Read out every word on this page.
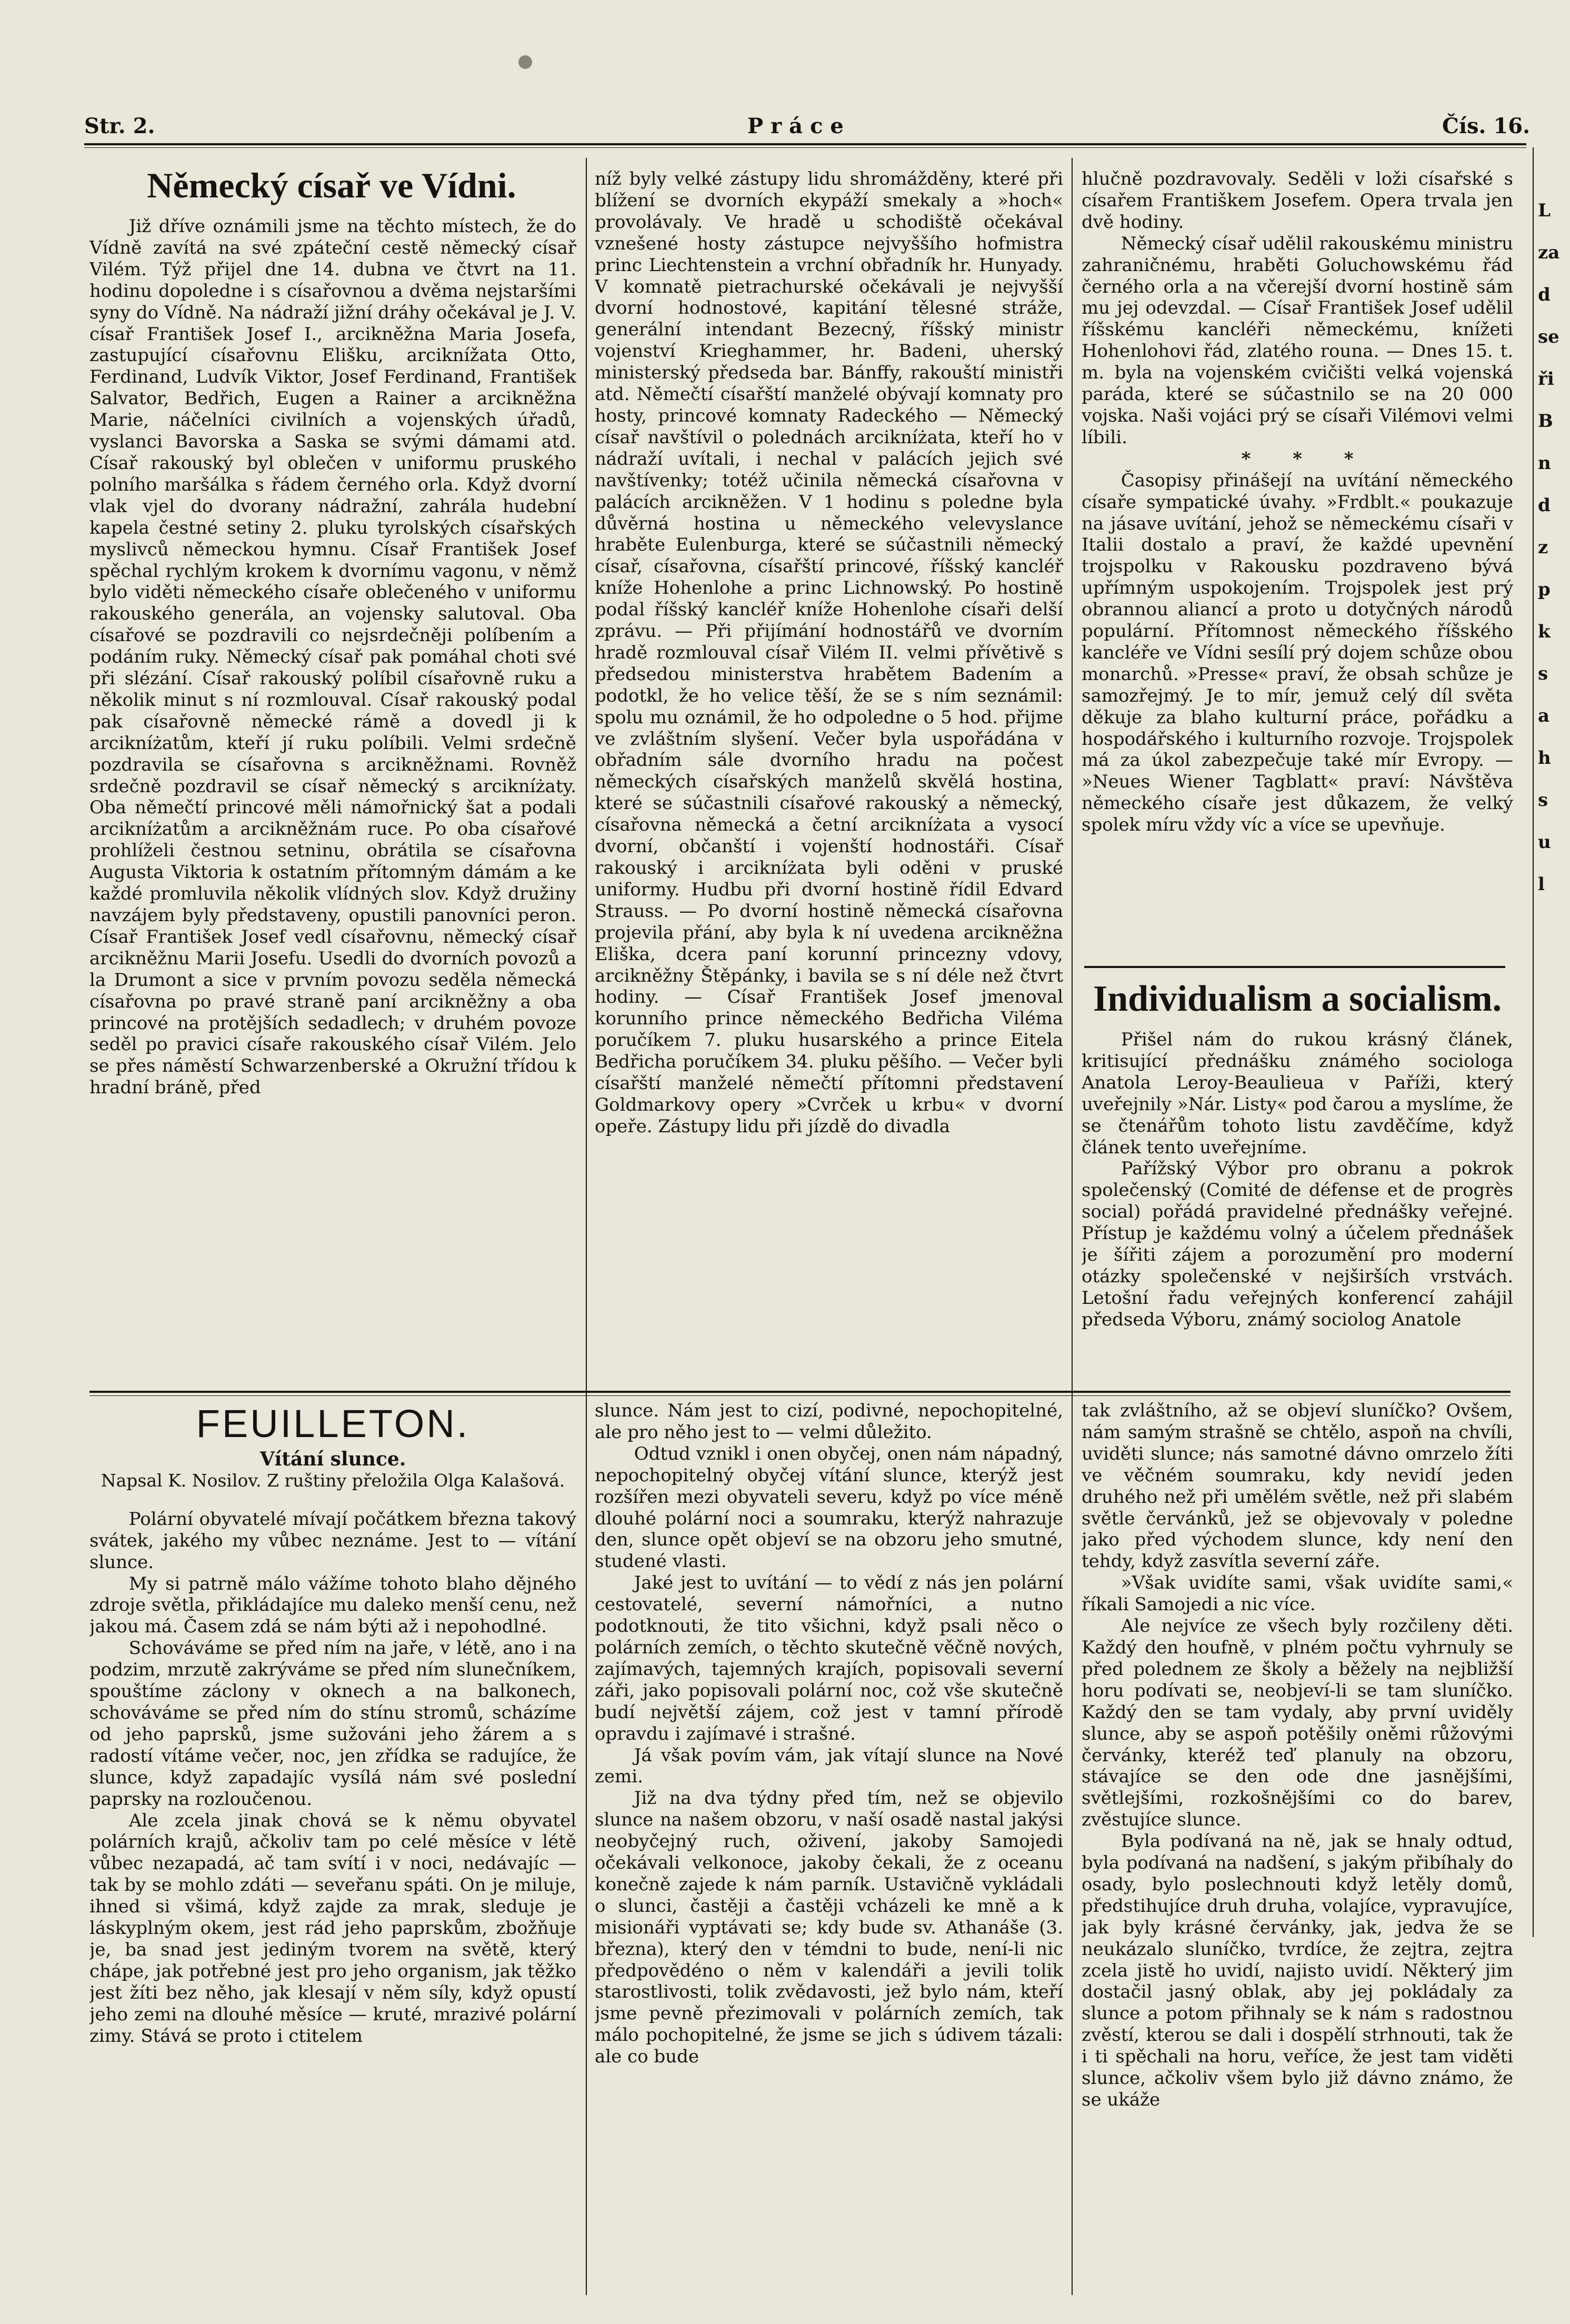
Str. 2.	Práce	Čís. 16.
Německý císař ve Vídni.

Již dříve oznámili jsme na těchto místech, že do Vídně zavítá na své zpáteční cestě německý císař Vilém. Týž přijel dne 14. dubna ve čtvrt na 11. hodinu dopoledne i s císařovnou a dvěma nejstaršími syny do Vídně. Na nádraží jižní dráhy očekával je J. V. císař František Josef I., arcikněžna Maria Josefa, zastupující císařovnu Elišku, arciknížata Otto, Ferdinand, Ludvík Viktor, Josef Ferdinand, František Salvator, Bedřich, Eugen a Rainer a arcikněžna Marie, náčelníci civilních a vojenských úřadů, vyslanci Bavorska a Saska se svými dámami atd. Císař rakouský byl oblečen v uniformu pruského polního maršálka s řádem černého orla. Když dvorní vlak vjel do dvorany nádražní, zahrála hudební kapela čestné setiny 2. pluku tyrolských císařských myslivců německou hymnu. Císař František Josef spěchal rychlým krokem k dvornímu vagonu, v němž bylo viděti německého císaře oblečeného v uniformu rakouského generála, an vojensky salutoval. Oba císařové se pozdravili co nejsrdečněji políbením a podáním ruky. Německý císař pak pomáhal choti své při slézání. Císař rakouský políbil císařovně ruku a několik minut s ní rozmlouval. Císař rakouský podal pak císařovně německé rámě a dovedl ji k arcikníżatům, kteří jí ruku políbili. Velmi srdečně pozdravila se císařovna s arcikněžnami. Rovněž srdečně pozdravil se císař německý s arcikníżaty. Oba němečtí princové měli námořnický šat a podali arcikníżatům a arcikněžnám ruce. Po oba císařové prohlíželi čestnou setninu, obrátila se císařovna Augusta Viktoria k ostatním přítomným dámám a ke každé promluvila několik vlídných slov. Když družiny navzájem byly představeny, opustili panovníci peron. Císař František Josef vedl císařovnu, německý císař arcikněžnu Marii Josefu. Usedli do dvorních povozů a la Drumont a sice v prvním povozu seděla německá císařovna po pravé straně paní arcikněžny a oba princové na protějších sedadlech; v druhém povoze seděl po pravici císaře rakouského císař Vilém. Jelo se přes náměstí Schwarzenberské a Okružní třídou k hradní bráně, před

níž byly velké zástupy lidu shromážděny, které při blížení se dvorních ekypáží smekaly a »hoch« provolávaly. Ve hradě u schodiště očekával vznešené hosty zástupce nejvyššího hofmistra princ Liechtenstein a vrchní obřadník hr. Hunyady. V komnatě pietrachurské očekávali je nejvyšší dvorní hodnostové, kapitání tělesné stráže, generální intendant Bezecný, říšský ministr vojenství Krieghammer, hr. Badeni, uherský ministerský předseda bar. Bánffy, rakouští ministři atd. Němečtí císařští manželé obývají komnaty pro hosty, princové komnaty Radeckého — Německý císař navštívil o polednách arcikníżata, kteří ho v nádraží uvítali, i nechal v palácích jejich své navštívenky; totéž učinila německá císařovna v palácích arcikněžen. V 1 hodinu s poledne byla důvěrná hostina u německého velevyslance hraběte Eulenburga, které se súčastnili německý císař, císařovna, císařští princové, říšský kancléř kníže Hohenlohe a princ Lichnowský. Po hostině podal říšský kancléř kníže Hohenlohe císaři delší zprávu. — Při přijímání hodnostářů ve dvorním hradě rozmlouval císař Vilém II. velmi přívětivě s předsedou ministerstva hrabětem Badením a podotkl, že ho velice těší, že se s ním seznámil: spolu mu oznámil, že ho odpoledne o 5 hod. přijme ve zvláštním slyšení. Večer byla uspořádána v obřadním sále dvorního hradu na počest německých císařských manželů skvělá hostina, které se súčastnili císařové rakouský a německý, císařovna německá a četní arcikníżata a vysocí dvorní, občanští i vojenští hodnostáři. Císař rakouský i arcikníżata byli oděni v pruské uniformy. Hudbu při dvorní hostině řídil Edvard Strauss. — Po dvorní hostině německá císařovna projevila přání, aby byla k ní uvedena arcikněžna Eliška, dcera paní korunní princezny vdovy, arcikněžny Štěpánky, i bavila se s ní déle než čtvrt hodiny. — Císař František Josef jmenoval korunního prince německého Bedřicha Viléma poručíkem 7. pluku husarského a prince Eitela Bedřicha poručíkem 34. pluku pěšího. — Večer byli císařští manželé němečtí přítomni představení Goldmarkovy opery »Cvrček u krbu« v dvorní opeře. Zástupy lidu při jízdě do divadla

hlučně pozdravovaly. Seděli v loži císařské s císařem Františkem Josefem. Opera trvala jen dvě hodiny.

Německý císař udělil rakouskému ministru zahraničnému, hraběti Goluchowskému řád černého orla a na včerejší dvorní hostině sám mu jej odevzdal. — Císař František Josef udělil říšskému kancléři německému, knížeti Hohenlohovi řád, zlatého rouna. — Dnes 15. t. m. byla na vojenském cvičišti velká vojenská paráda, které se súčastnilo se na 20 000 vojska. Naši vojáci prý se císaři Vilémovi velmi líbili.

* * *

Časopisy přinášejí na uvítání německého císaře sympatické úvahy. »Frdblt.« poukazuje na jásave uvítání, jehož se německému císaři v Italii dostalo a praví, že každé upevnění trojspolku v Rakousku pozdraveno bývá upřímným uspokojením. Trojspolek jest prý obrannou aliancí a proto u dotyčných národů populární. Přítomnost německého říšského kancléře ve Vídni sesílí prý dojem schůze obou monarchů. »Presse« praví, že obsah schůze je samozřejmý. Je to mír, jemuž celý díl světa děkuje za blaho kulturní práce, pořádku a hospodářského i kulturního rozvoje. Trojspolek má za úkol zabezpečuje také mír Evropy. — »Neues Wiener Tagblatt« praví: Návštěva německého císaře jest důkazem, že velký spolek míru vždy víc a více se upevňuje.

Individualism a socialism.

Přišel nám do rukou krásný článek, kritisující přednášku známého sociologa Anatola Leroy-Beaulieua v Paříži, který uveřejnily »Nár. Listy« pod čarou a myslíme, že se čtenářům tohoto listu zavděčíme, když článek tento uveřejníme.

Pařížský Výbor pro obranu a pokrok společenský (Comité de défense et de progrès social) pořádá pravidelné přednášky veřejné. Přístup je každému volný a účelem přednášek je šířiti zájem a porozumění pro moderní otázky společenské v nejširších vrstvách. Letošní řadu veřejných konferencí zahájil předseda Výboru, známý sociolog Anatole

FEUILLETON.
Vítání slunce.
Napsal K. Nosilov. Z ruštiny přeložila Olga Kalašová.

Polární obyvatelé mívají počátkem března takový svátek, jakého my vůbec neznáme. Jest to — vítání slunce.

My si patrně málo vážíme tohoto blaho dějného zdroje světla, přikládajíce mu daleko menší cenu, než jakou má. Časem zdá se nám býti až i nepohodlné.

Schováváme se před ním na jaře, v létě, ano i na podzim, mrzutě zakrýváme se před ním slunečníkem, spouštíme záclony v oknech a na balkonech, schováváme se před ním do stínu stromů, scházíme od jeho paprsků, jsme sužováni jeho žárem a s radostí vítáme večer, noc, jen zřídka se radujíce, že slunce, když zapadajíc vysílá nám své poslední paprsky na rozloučenou.

Ale zcela jinak chová se k němu obyvatel polárních krajů, ačkoliv tam po celé měsíce v létě vůbec nezapadá, ač tam svítí i v noci, nedávajíc — tak by se mohlo zdáti — seveřanu spáti. On je miluje, ihned si všimá, když zajde za mrak, sleduje je láskyplným okem, jest rád jeho paprskům, zbožňuje je, ba snad jest jediným tvorem na světě, který chápe, jak potřebné jest pro jeho organism, jak těžko jest žíti bez něho, jak klesají v něm síly, když opustí jeho zemi na dlouhé měsíce — kruté, mrazivé polární zimy. Stává se proto i ctitelem

slunce. Nám jest to cizí, podivné, nepochopitelné, ale pro něho jest to — velmi důležito.

Odtud vznikl i onen obyčej, onen nám nápadný, nepochopitelný obyčej vítání slunce, kterýž jest rozšířen mezi obyvateli severu, když po více méně dlouhé polární noci a soumraku, kterýž nahrazuje den, slunce opět objeví se na obzoru jeho smutné, studené vlasti.

Jaké jest to uvítání — to vědí z nás jen polární cestovatelé, severní námořníci, a nutno podotknouti, že tito všichni, když psali něco o polárních zemích, o těchto skutečně věčně nových, zajímavých, tajemných krajích, popisovali severní záři, jako popisovali polární noc, což vše skutečně budí největší zájem, což jest v tamní přírodě opravdu i zajímavé i strašné.

Já však povím vám, jak vítají slunce na Nové zemi.

Již na dva týdny před tím, než se objevilo slunce na našem obzoru, v naší osadě nastal jakýsi neobyčejný ruch, oživení, jakoby Samojedi očekávali velkonoce, jakoby čekali, že z oceanu konečně zajede k nám parník. Ustavičně vykládali o slunci, častěji a častěji vcházeli ke mně a k misionáři vyptávati se; kdy bude sv. Athanáše (3. března), který den v témdni to bude, není-li nic předpovědéno o něm v kalendáři a jevili tolik starostlivosti, tolik zvědavosti, jež bylo nám, kteří jsme pevně přezimovali v polárních zemích, tak málo pochopitelné, že jsme se jich s údivem tázali: ale co bude

tak zvláštního, až se objeví sluníčko? Ovšem, nám samým strašně se chtělo, aspoň na chvíli, uviděti slunce; nás samotné dávno omrzelo žíti ve věčném soumraku, kdy nevidí jeden druhého než při umělém světle, než při slabém světle červánků, jež se objevovaly v poledne jako před východem slunce, kdy není den tehdy, když zasvítla severní záře.

»Však uvidíte sami, však uvidíte sami,« říkali Samojedi a nic více.

Ale nejvíce ze všech byly rozčileny děti. Každý den houfně, v plném počtu vyhrnuly se před polednem ze školy a běžely na nejbližší horu podívati se, neobjeví-li se tam sluníčko. Každý den se tam vydaly, aby první uviděly slunce, aby se aspoň potěšily oněmi růžovými červánky, kteréž teď planuly na obzoru, stávajíce se den ode dne jasnějšími, světlejšími, rozkošnějšími co do barev, zvěstujíce slunce.

Byla podívaná na ně, jak se hnaly odtud, byla podívaná na nadšení, s jakým přibíhaly do osady, bylo poslechnouti když letěly domů, předstihujíce druh druha, volajíce, vypravujíce, jak byly krásné červánky, jak, jedva že se neukázalo sluníčko, tvrdíce, že zejtra, zejtra zcela jistě ho uvidí, najisto uvidí. Některý jim dostačil jasný oblak, aby jej pokládaly za slunce a potom přihnaly se k nám s radostnou zvěstí, kterou se dali i dospělí strhnouti, tak že i ti spěchali na horu, veříce, že jest tam viděti slunce, ačkoliv všem bylo již dávno známo, že se ukáže

L
za
d
se
ři
B
n
d
z
p
k
s
a
h
s
u
l
